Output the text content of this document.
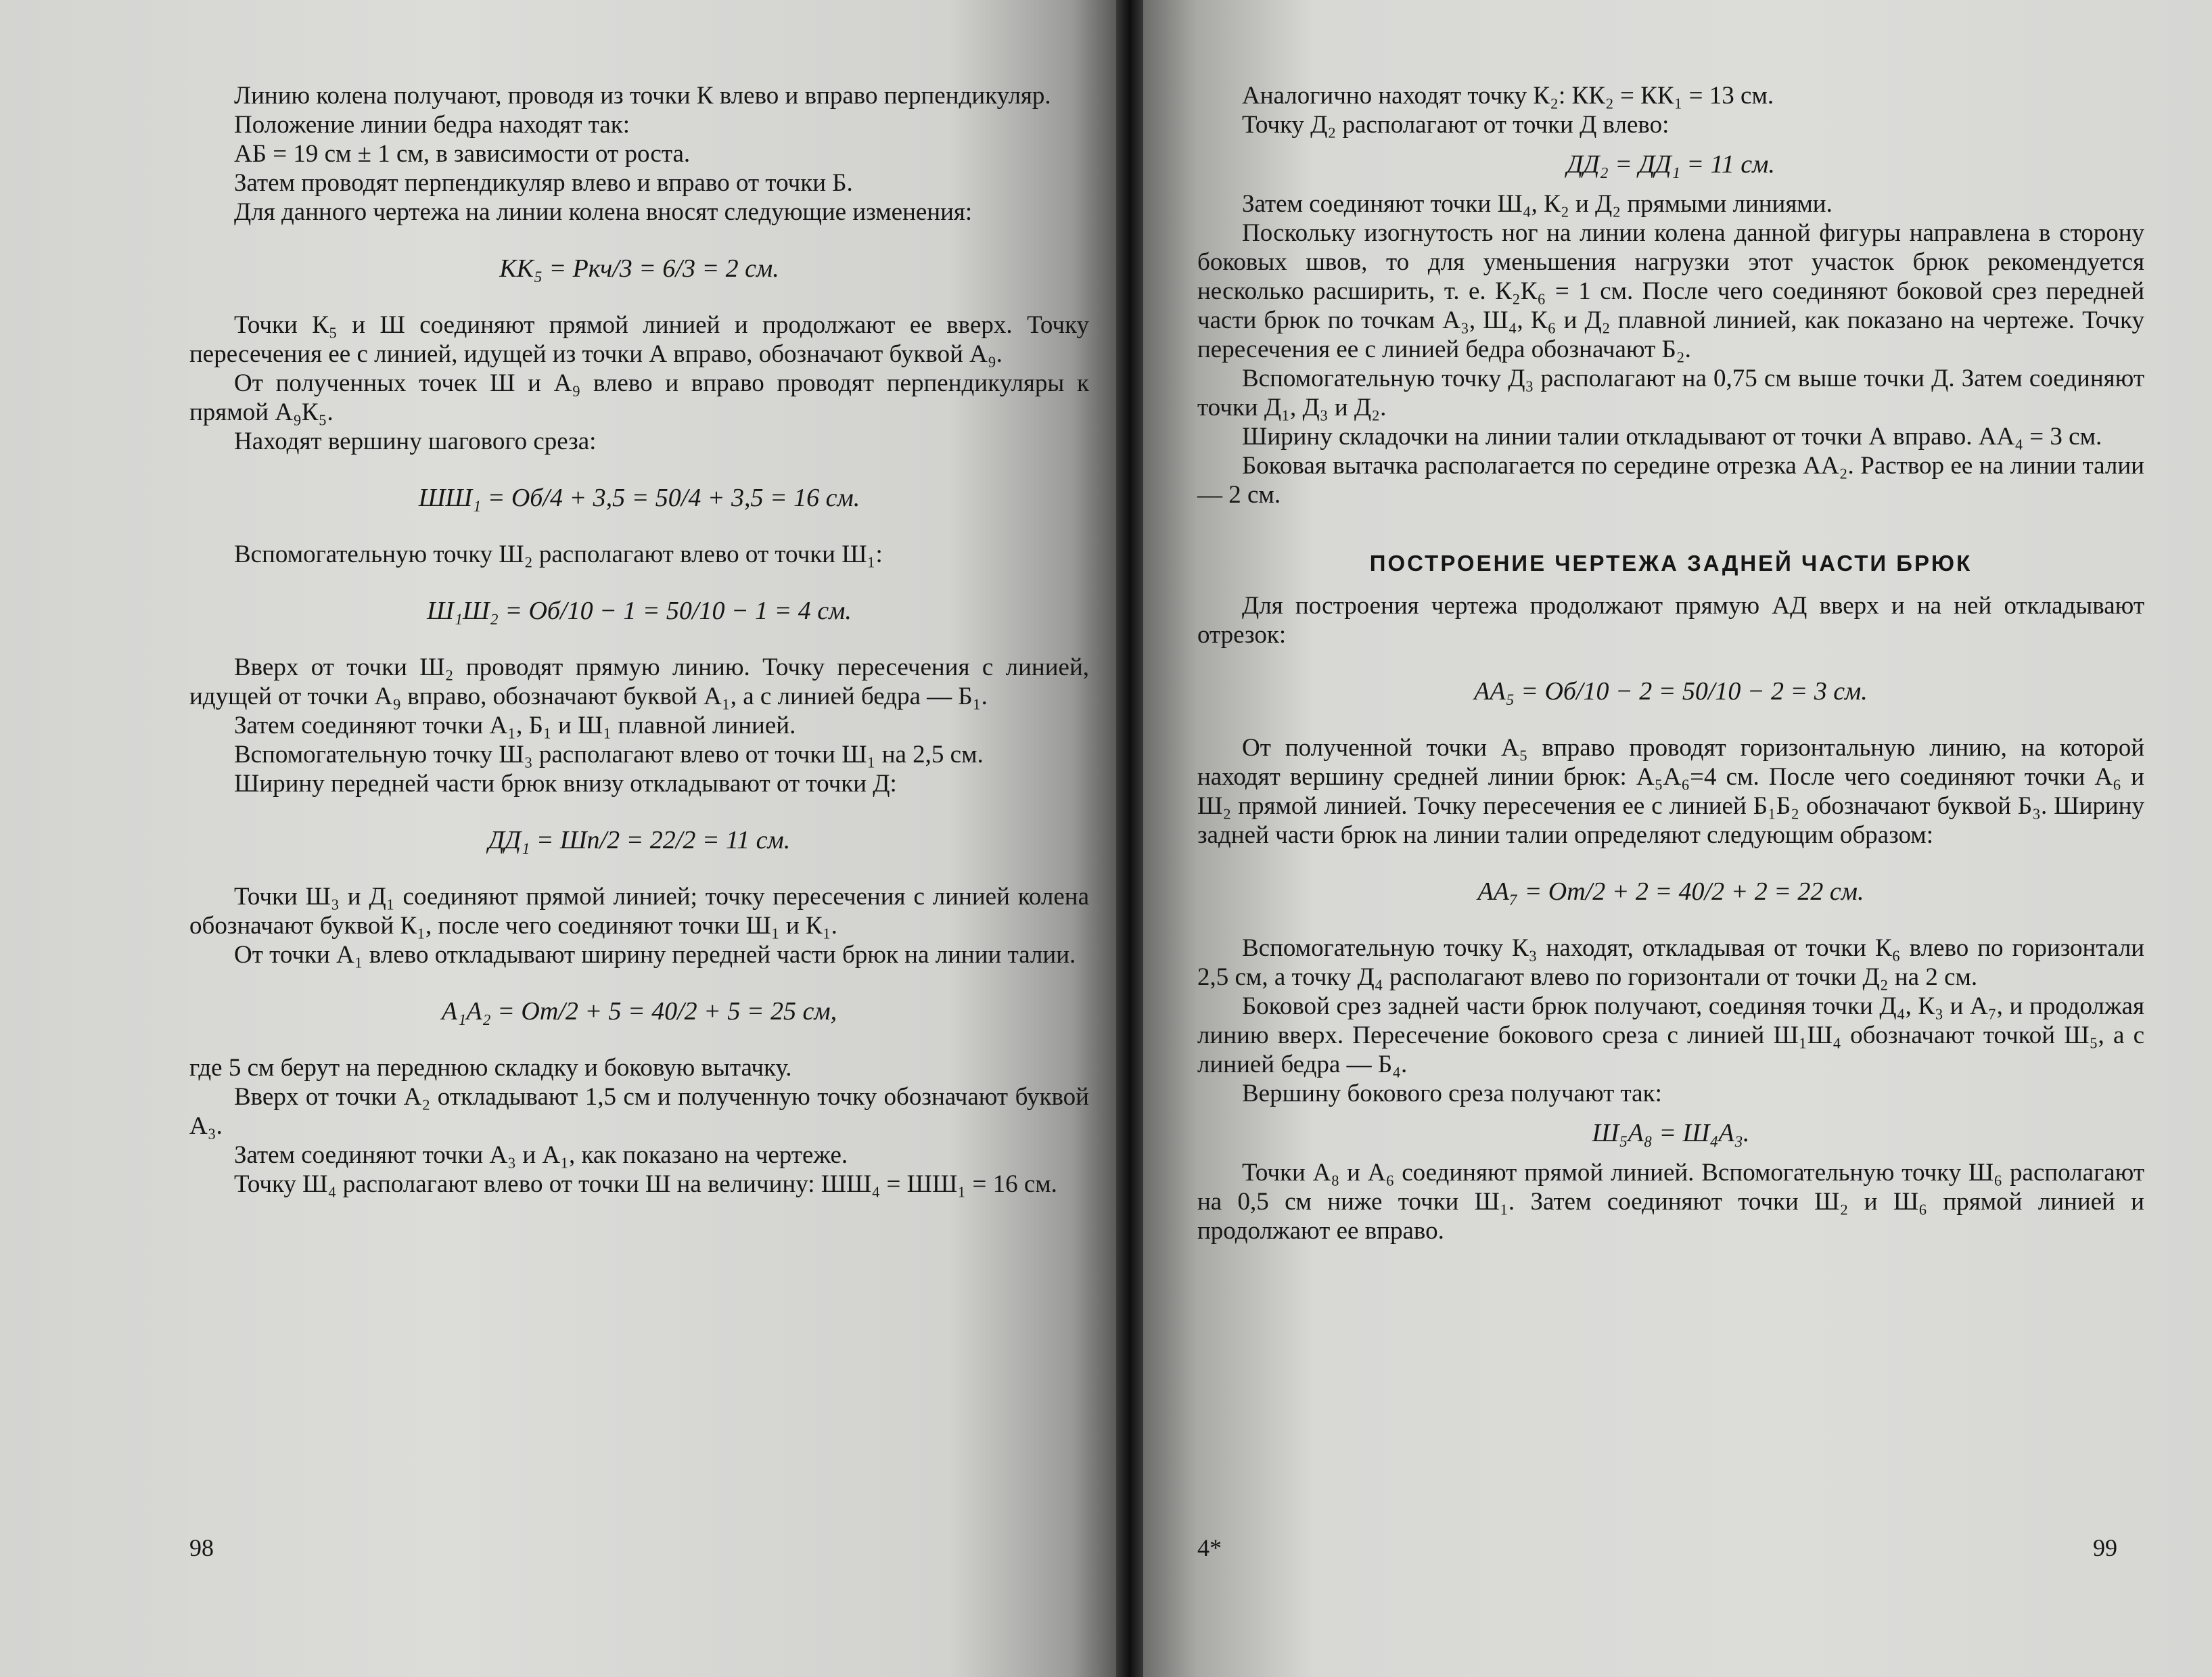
Линию колена получают, проводя из точки К влево и вправо перпендикуляр.

Положение линии бедра находят так:

АБ = 19 см ± 1 см, в зависимости от роста.

Затем проводят перпендикуляр влево и вправо от точки Б.

Для данного чертежа на линии колена вносят следующие изменения:

КК₅ = Ркч/3 = 6/3 = 2 см.

Точки К₅ и Ш соединяют прямой линией и продолжают ее вверх. Точку пересечения ее с линией, идущей из точки А вправо, обозначают буквой А₉.

От полученных точек Ш и А₉ влево и вправо проводят перпендикуляры к прямой А₉К₅.

Находят вершину шагового среза:

ШШ₁ = Об/4 + 3,5 = 50/4 + 3,5 = 16 см.

Вспомогательную точку Ш₂ располагают влево от точки Ш₁:

Ш₁Ш₂ = Об/10 − 1 = 50/10 − 1 = 4 см.

Вверх от точки Ш₂ проводят прямую линию. Точку пересечения с линией, идущей от точки А₉ вправо, обозначают буквой А₁, а с линией бедра — Б₁.

Затем соединяют точки А₁, Б₁ и Ш₁ плавной линией.

Вспомогательную точку Ш₃ располагают влево от точки Ш₁ на 2,5 см.

Ширину передней части брюк внизу откладывают от точки Д:

ДД₁ = Шп/2 = 22/2 = 11 см.

Точки Ш₃ и Д₁ соединяют прямой линией; точку пересечения с линией колена обозначают буквой К₁, после чего соединяют точки Ш₁ и К₁.

От точки А₁ влево откладывают ширину передней части брюк на линии талии.

А₁А₂ = От/2 + 5 = 40/2 + 5 = 25 см,

где 5 см берут на переднюю складку и боковую вытачку.

Вверх от точки А₂ откладывают 1,5 см и полученную точку обозначают буквой А₃.

Затем соединяют точки А₃ и А₁, как показано на чертеже.

Точку Ш₄ располагают влево от точки Ш на величину: ШШ₄ = ШШ₁ = 16 см.

98

Аналогично находят точку К₂: КК₂ = КК₁ = 13 см.

Точку Д₂ располагают от точки Д влево:

ДД₂ = ДД₁ = 11 см.

Затем соединяют точки Ш₄, К₂ и Д₂ прямыми линиями.

Поскольку изогнутость ног на линии колена данной фигуры направлена в сторону боковых швов, то для уменьшения нагрузки этот участок брюк рекомендуется несколько расширить, т. е. К₂К₆ = 1 см. После чего соединяют боковой срез передней части брюк по точкам А₃, Ш₄, К₆ и Д₂ плавной линией, как показано на чертеже. Точку пересечения ее с линией бедра обозначают Б₂.

Вспомогательную точку Д₃ располагают на 0,75 см выше точки Д. Затем соединяют точки Д₁, Д₃ и Д₂.

Ширину складочки на линии талии откладывают от точки А вправо. АА₄ = 3 см.

Боковая вытачка располагается по середине отрезка АА₂. Раствор ее на линии талии — 2 см.

ПОСТРОЕНИЕ ЧЕРТЕЖА ЗАДНЕЙ ЧАСТИ БРЮК

Для построения чертежа продолжают прямую АД вверх и на ней откладывают отрезок:

АА₅ = Об/10 − 2 = 50/10 − 2 = 3 см.

От полученной точки А₅ вправо проводят горизонтальную линию, на которой находят вершину средней линии брюк: А₅А₆=4 см. После чего соединяют точки А₆ и Ш₂ прямой линией. Точку пересечения ее с линией Б₁Б₂ обозначают буквой Б₃. Ширину задней части брюк на линии талии определяют следующим образом:

АА₇ = От/2 + 2 = 40/2 + 2 = 22 см.

Вспомогательную точку К₃ находят, откладывая от точки К₆ влево по горизонтали 2,5 см, а точку Д₄ располагают влево по горизонтали от точки Д₂ на 2 см.

Боковой срез задней части брюк получают, соединяя точки Д₄, К₃ и А₇, и продолжая линию вверх. Пересечение бокового среза с линией Ш₁Ш₄ обозначают точкой Ш₅, а с линией бедра — Б₄.

Вершину бокового среза получают так:

Ш₅А₈ = Ш₄А₃.

Точки А₈ и А₆ соединяют прямой линией. Вспомогательную точку Ш₆ располагают на 0,5 см ниже точки Ш₁. Затем соединяют точки Ш₂ и Ш₆ прямой линией и продолжают ее вправо.

4*	99
